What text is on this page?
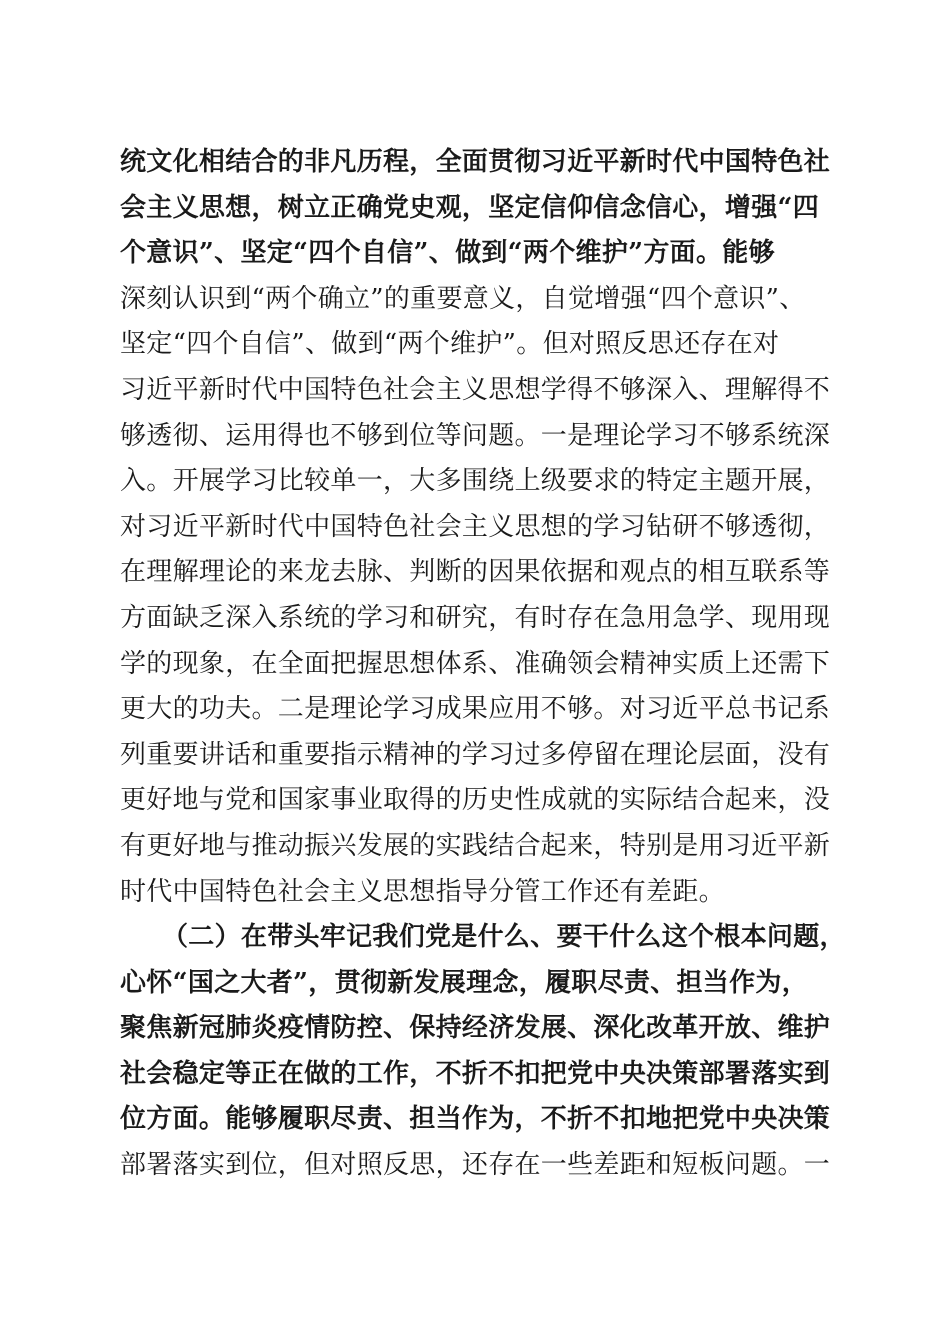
统文化相结合的非凡历程，全面贯彻习近平新时代中国特色社
会主义思想，树立正确党史观，坚定信仰信念信心，增强“四
个意识”、坚定“四个自信”、做到“两个维护”方面。能够
深刻认识到“两个确立”的重要意义，自觉增强“四个意识”、
坚定“四个自信”、做到“两个维护”。但对照反思还存在对
习近平新时代中国特色社会主义思想学得不够深入、理解得不
够透彻、运用得也不够到位等问题。一是理论学习不够系统深
入。开展学习比较单一，大多围绕上级要求的特定主题开展，
对习近平新时代中国特色社会主义思想的学习钻研不够透彻，
在理解理论的来龙去脉、判断的因果依据和观点的相互联系等
方面缺乏深入系统的学习和研究，有时存在急用急学、现用现
学的现象，在全面把握思想体系、准确领会精神实质上还需下
更大的功夫。二是理论学习成果应用不够。对习近平总书记系
列重要讲话和重要指示精神的学习过多停留在理论层面，没有
更好地与党和国家事业取得的历史性成就的实际结合起来，没
有更好地与推动振兴发展的实践结合起来，特别是用习近平新
时代中国特色社会主义思想指导分管工作还有差距。
（二）在带头牢记我们党是什么、要干什么这个根本问题，
心怀“国之大者”，贯彻新发展理念，履职尽责、担当作为，
聚焦新冠肺炎疫情防控、保持经济发展、深化改革开放、维护
社会稳定等正在做的工作，不折不扣把党中央决策部署落实到
位方面。能够履职尽责、担当作为，不折不扣地把党中央决策
部署落实到位，但对照反思，还存在一些差距和短板问题。一
